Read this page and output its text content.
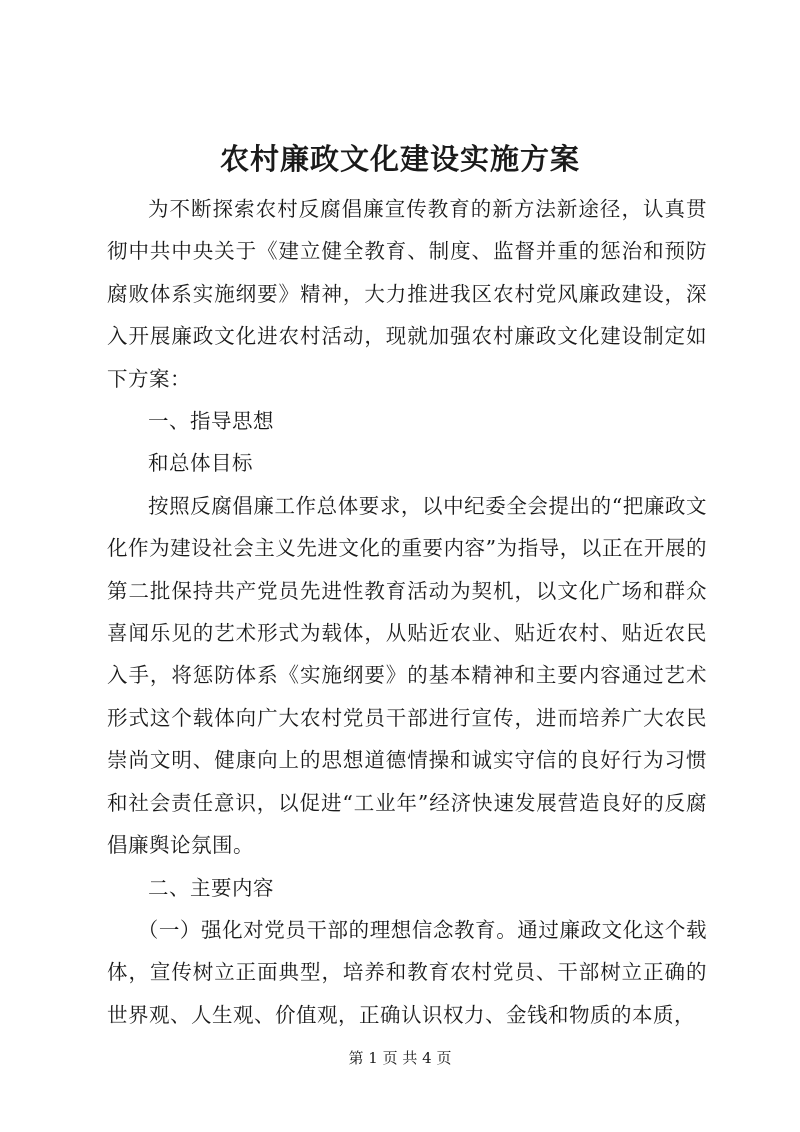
农村廉政文化建设实施方案

为不断探索农村反腐倡廉宣传教育的新方法新途径，认真贯彻中共中央关于《建立健全教育、制度、监督并重的惩治和预防腐败体系实施纲要》精神，大力推进我区农村党风廉政建设，深入开展廉政文化进农村活动，现就加强农村廉政文化建设制定如下方案：

一、指导思想

和总体目标

按照反腐倡廉工作总体要求，以中纪委全会提出的“把廉政文化作为建设社会主义先进文化的重要内容”为指导，以正在开展的第二批保持共产党员先进性教育活动为契机，以文化广场和群众喜闻乐见的艺术形式为载体，从贴近农业、贴近农村、贴近农民入手，将惩防体系《实施纲要》的基本精神和主要内容通过艺术形式这个载体向广大农村党员干部进行宣传，进而培养广大农民崇尚文明、健康向上的思想道德情操和诚实守信的良好行为习惯和社会责任意识，以促进“工业年”经济快速发展营造良好的反腐倡廉舆论氛围。

二、主要内容

（一）强化对党员干部的理想信念教育。通过廉政文化这个载体，宣传树立正面典型，培养和教育农村党员、干部树立正确的世界观、人生观、价值观，正确认识权力、金钱和物质的本质，

第 1 页 共 4 页
